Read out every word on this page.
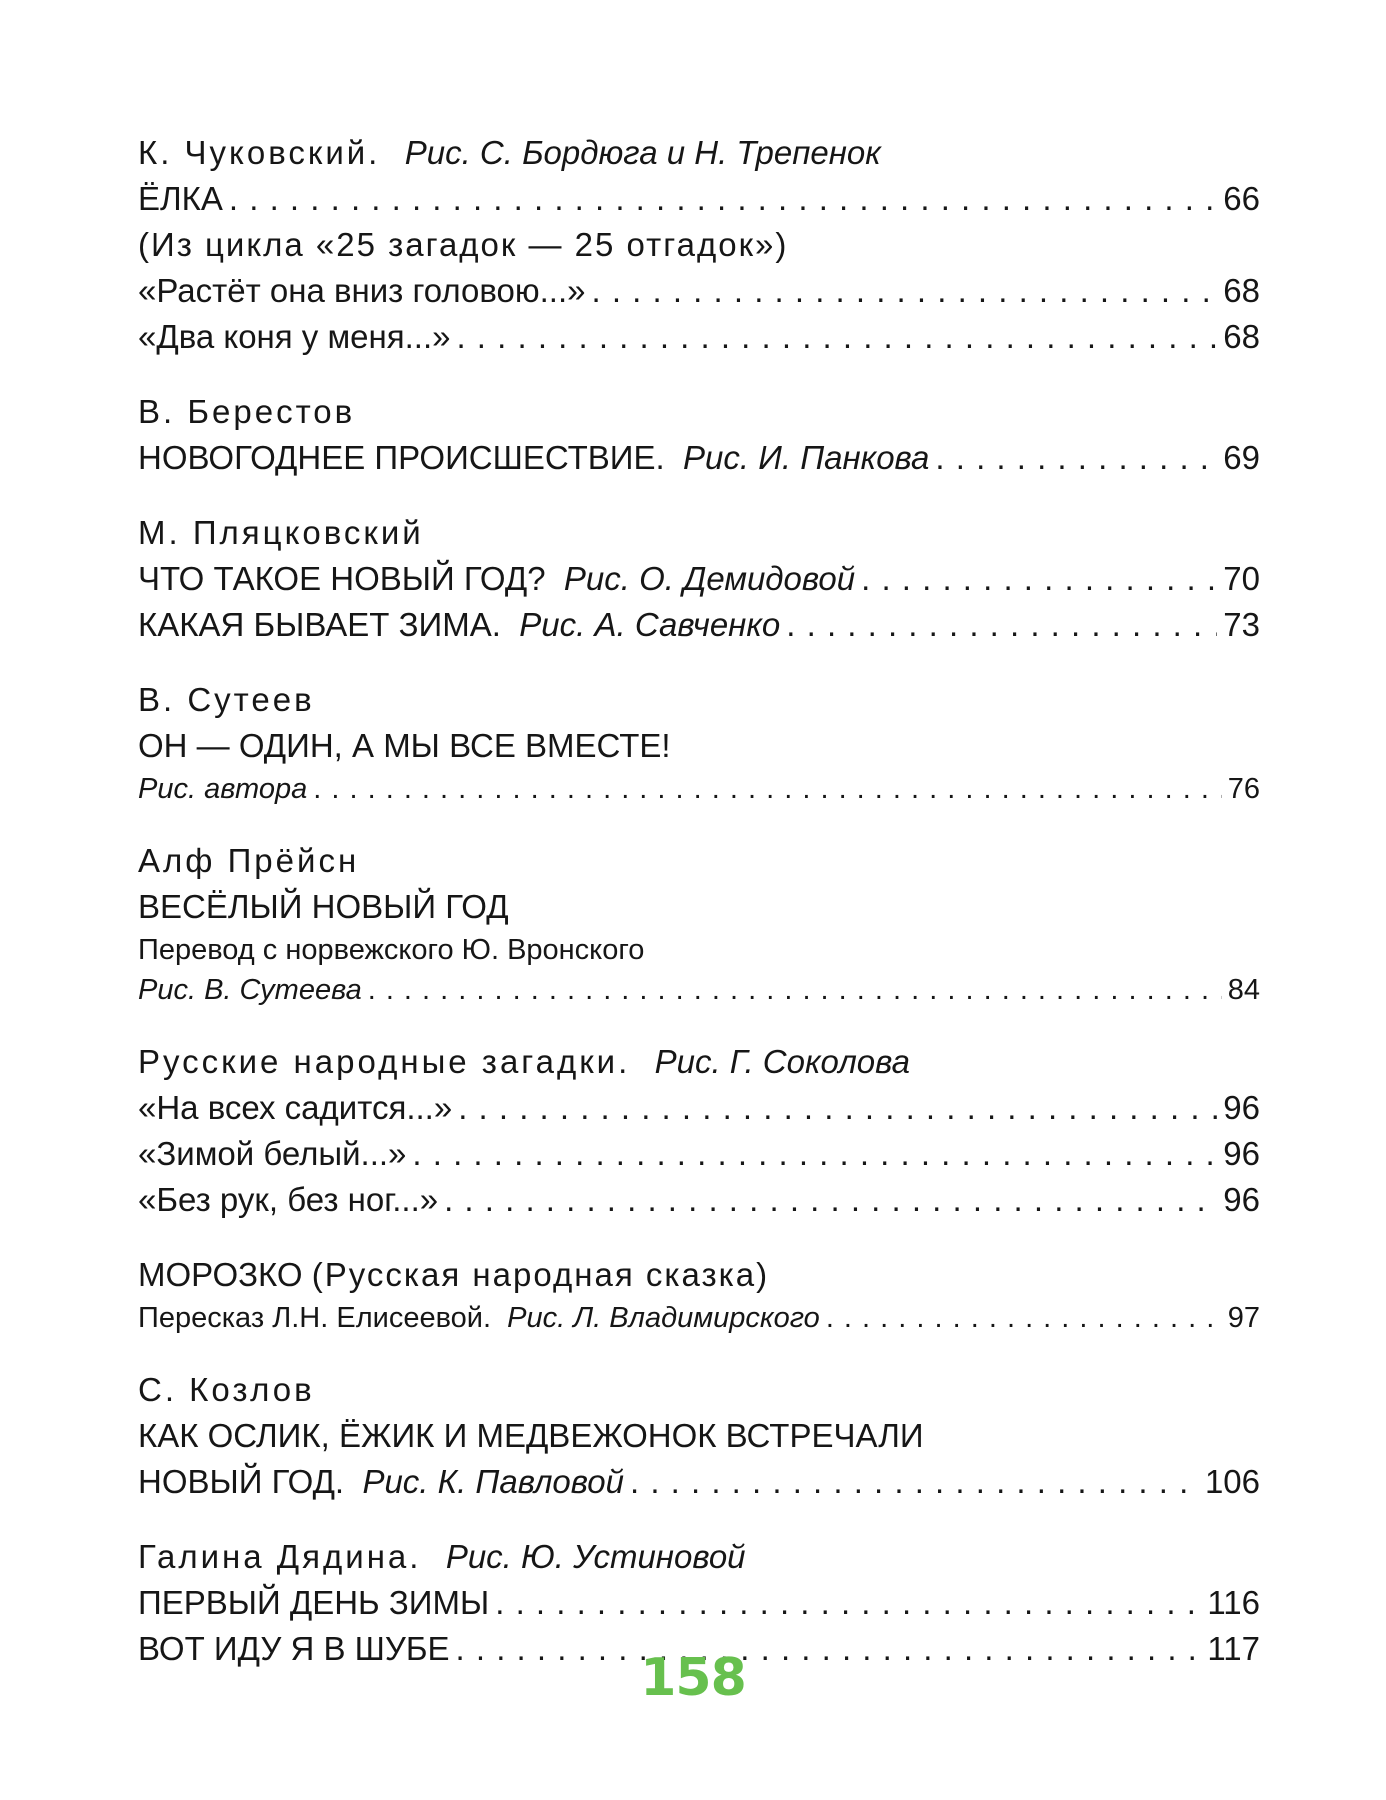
К. Чуковский.
Рис. С. Бордюга и Н. Трепенок
ЁЛКА . . .	66
(Из цикла «25 загадок — 25 отгадок»)
«Растёт она вниз головою...» . . .	68
«Два коня у меня...» . . .	68
В. Берестов
НОВОГОДНЕЕ ПРОИСШЕСТВИЕ.
Рис. И. Панкова . . .	69
М. Пляцковский
ЧТО ТАКОЕ НОВЫЙ ГОД?
Рис. О. Демидовой . . .	70
КАКАЯ БЫВАЕТ ЗИМА.
Рис. А. Савченко . . .	73
В. Сутеев
ОН — ОДИН, А МЫ ВСЕ ВМЕСТЕ!
Рис. автора . . .	76
Алф Прёйсн
ВЕСЁЛЫЙ НОВЫЙ ГОД
Перевод с норвежского Ю. Вронского
Рис. В. Сутеева . . .	84
Русские народные загадки.
Рис. Г. Соколова
«На всех садится...» . . .	96
«Зимой белый...» . . .	96
«Без рук, без ног...» . . .	96
МОРОЗКО
(Русская народная сказка)
Пересказ Л.Н. Елисеевой.
Рис. Л. Владимирского . . .	97
С. Козлов
КАК ОСЛИК, ЁЖИК И МЕДВЕЖОНОК ВСТРЕЧАЛИ
НОВЫЙ ГОД.
Рис. К. Павловой . . .	106
Галина Дядина.
Рис. Ю. Устиновой
ПЕРВЫЙ ДЕНЬ ЗИМЫ . . .	116
ВОТ ИДУ Я В ШУБЕ . . .	117
158
